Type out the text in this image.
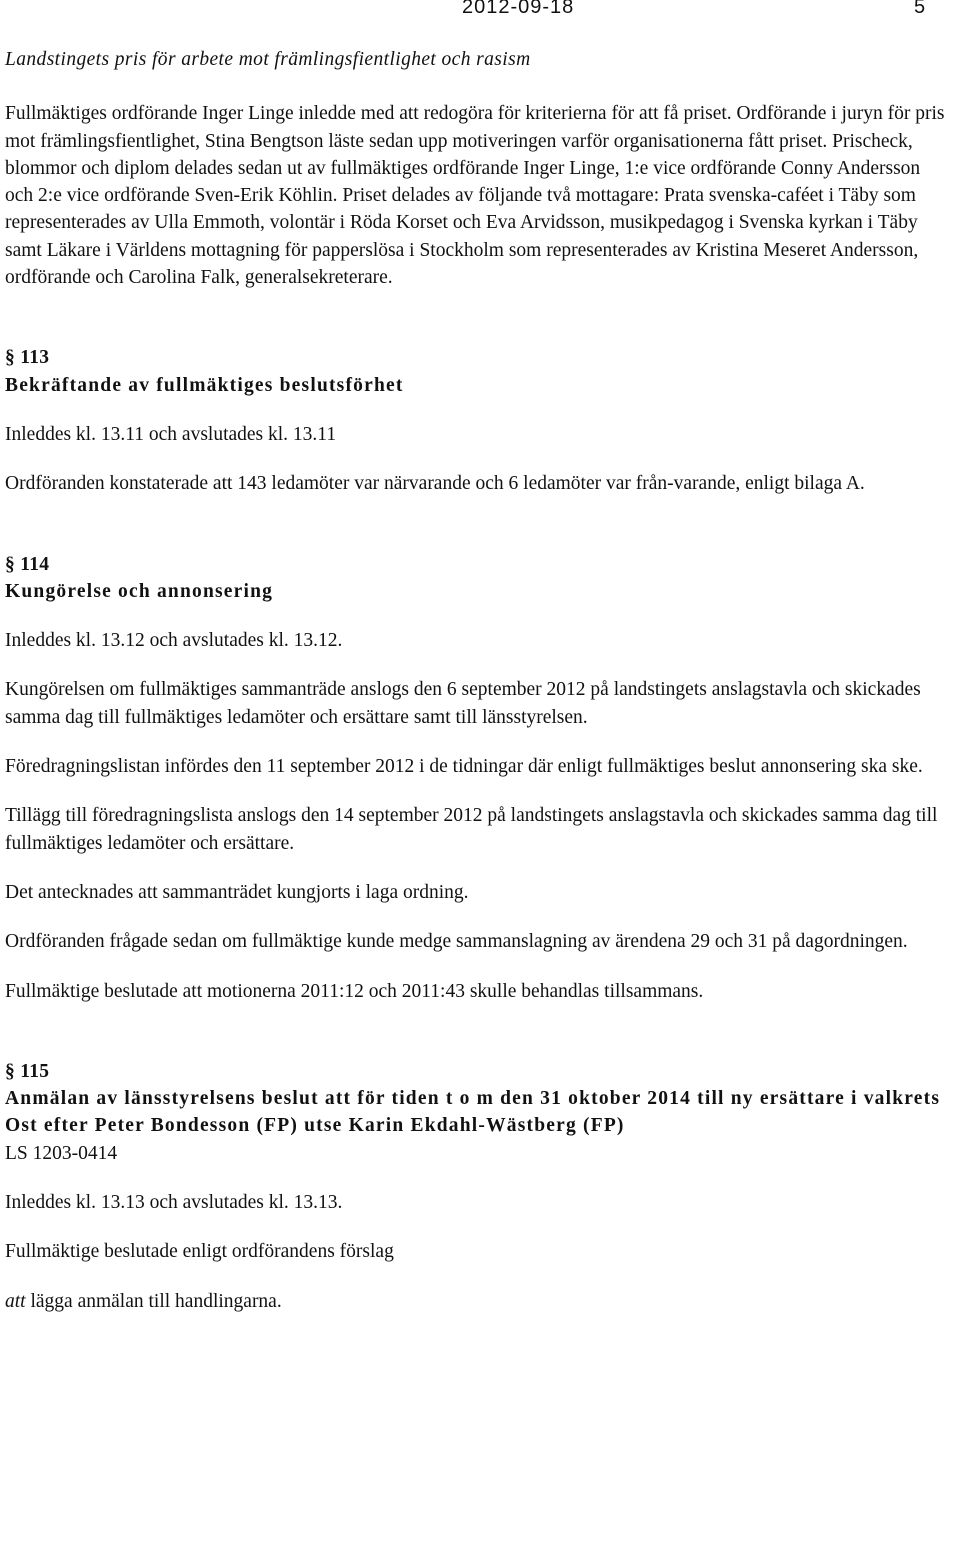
2012-09-18	5

Landstingets pris för arbete mot främlingsfientlighet och rasism

Fullmäktiges ordförande Inger Linge inledde med att redogöra för kriterierna för att få priset. Ordförande i juryn för pris mot främlingsfientlighet, Stina Bengtson läste sedan upp motiveringen varför organisationerna fått priset. Prischeck, blommor och diplom delades sedan ut av fullmäktiges ordförande Inger Linge, 1:e vice ordförande Conny Andersson och 2:e vice ordförande Sven-Erik Köhlin. Priset delades av följande två mottagare: Prata svenska-caféet i Täby som representerades av Ulla Emmoth, volontär i Röda Korset och Eva Arvidsson, musikpedagog i Svenska kyrkan i Täby samt Läkare i Världens mottagning för papperslösa i Stockholm som representerades av Kristina Meseret Andersson, ordförande och Carolina Falk, generalsekreterare.

§ 113

Bekräftande av fullmäktiges beslutsförhet

Inleddes kl. 13.11 och avslutades kl. 13.11

Ordföranden konstaterade att 143 ledamöter var närvarande och 6 ledamöter var från-varande, enligt bilaga A.

§ 114

Kungörelse och annonsering

Inleddes kl. 13.12 och avslutades kl. 13.12.

Kungörelsen om fullmäktiges sammanträde anslogs den 6 september 2012 på landstingets anslagstavla och skickades samma dag till fullmäktiges ledamöter och ersättare samt till länsstyrelsen.

Föredragningslistan infördes den 11 september 2012 i de tidningar där enligt fullmäktiges beslut annonsering ska ske.

Tillägg till föredragningslista anslogs den 14 september 2012 på landstingets anslagstavla och skickades samma dag till fullmäktiges ledamöter och ersättare.

Det antecknades att sammanträdet kungjorts i laga ordning.

Ordföranden frågade sedan om fullmäktige kunde medge sammanslagning av ärendena 29 och 31 på dagordningen.

Fullmäktige beslutade att motionerna 2011:12 och 2011:43 skulle behandlas tillsammans.

§ 115

Anmälan av länsstyrelsens beslut att för tiden t o m den 31 oktober 2014 till ny ersättare i valkrets Ost efter Peter Bondesson (FP) utse Karin Ekdahl-Wästberg (FP)

LS 1203-0414

Inleddes kl. 13.13 och avslutades kl. 13.13.

Fullmäktige beslutade enligt ordförandens förslag

att lägga anmälan till handlingarna.
